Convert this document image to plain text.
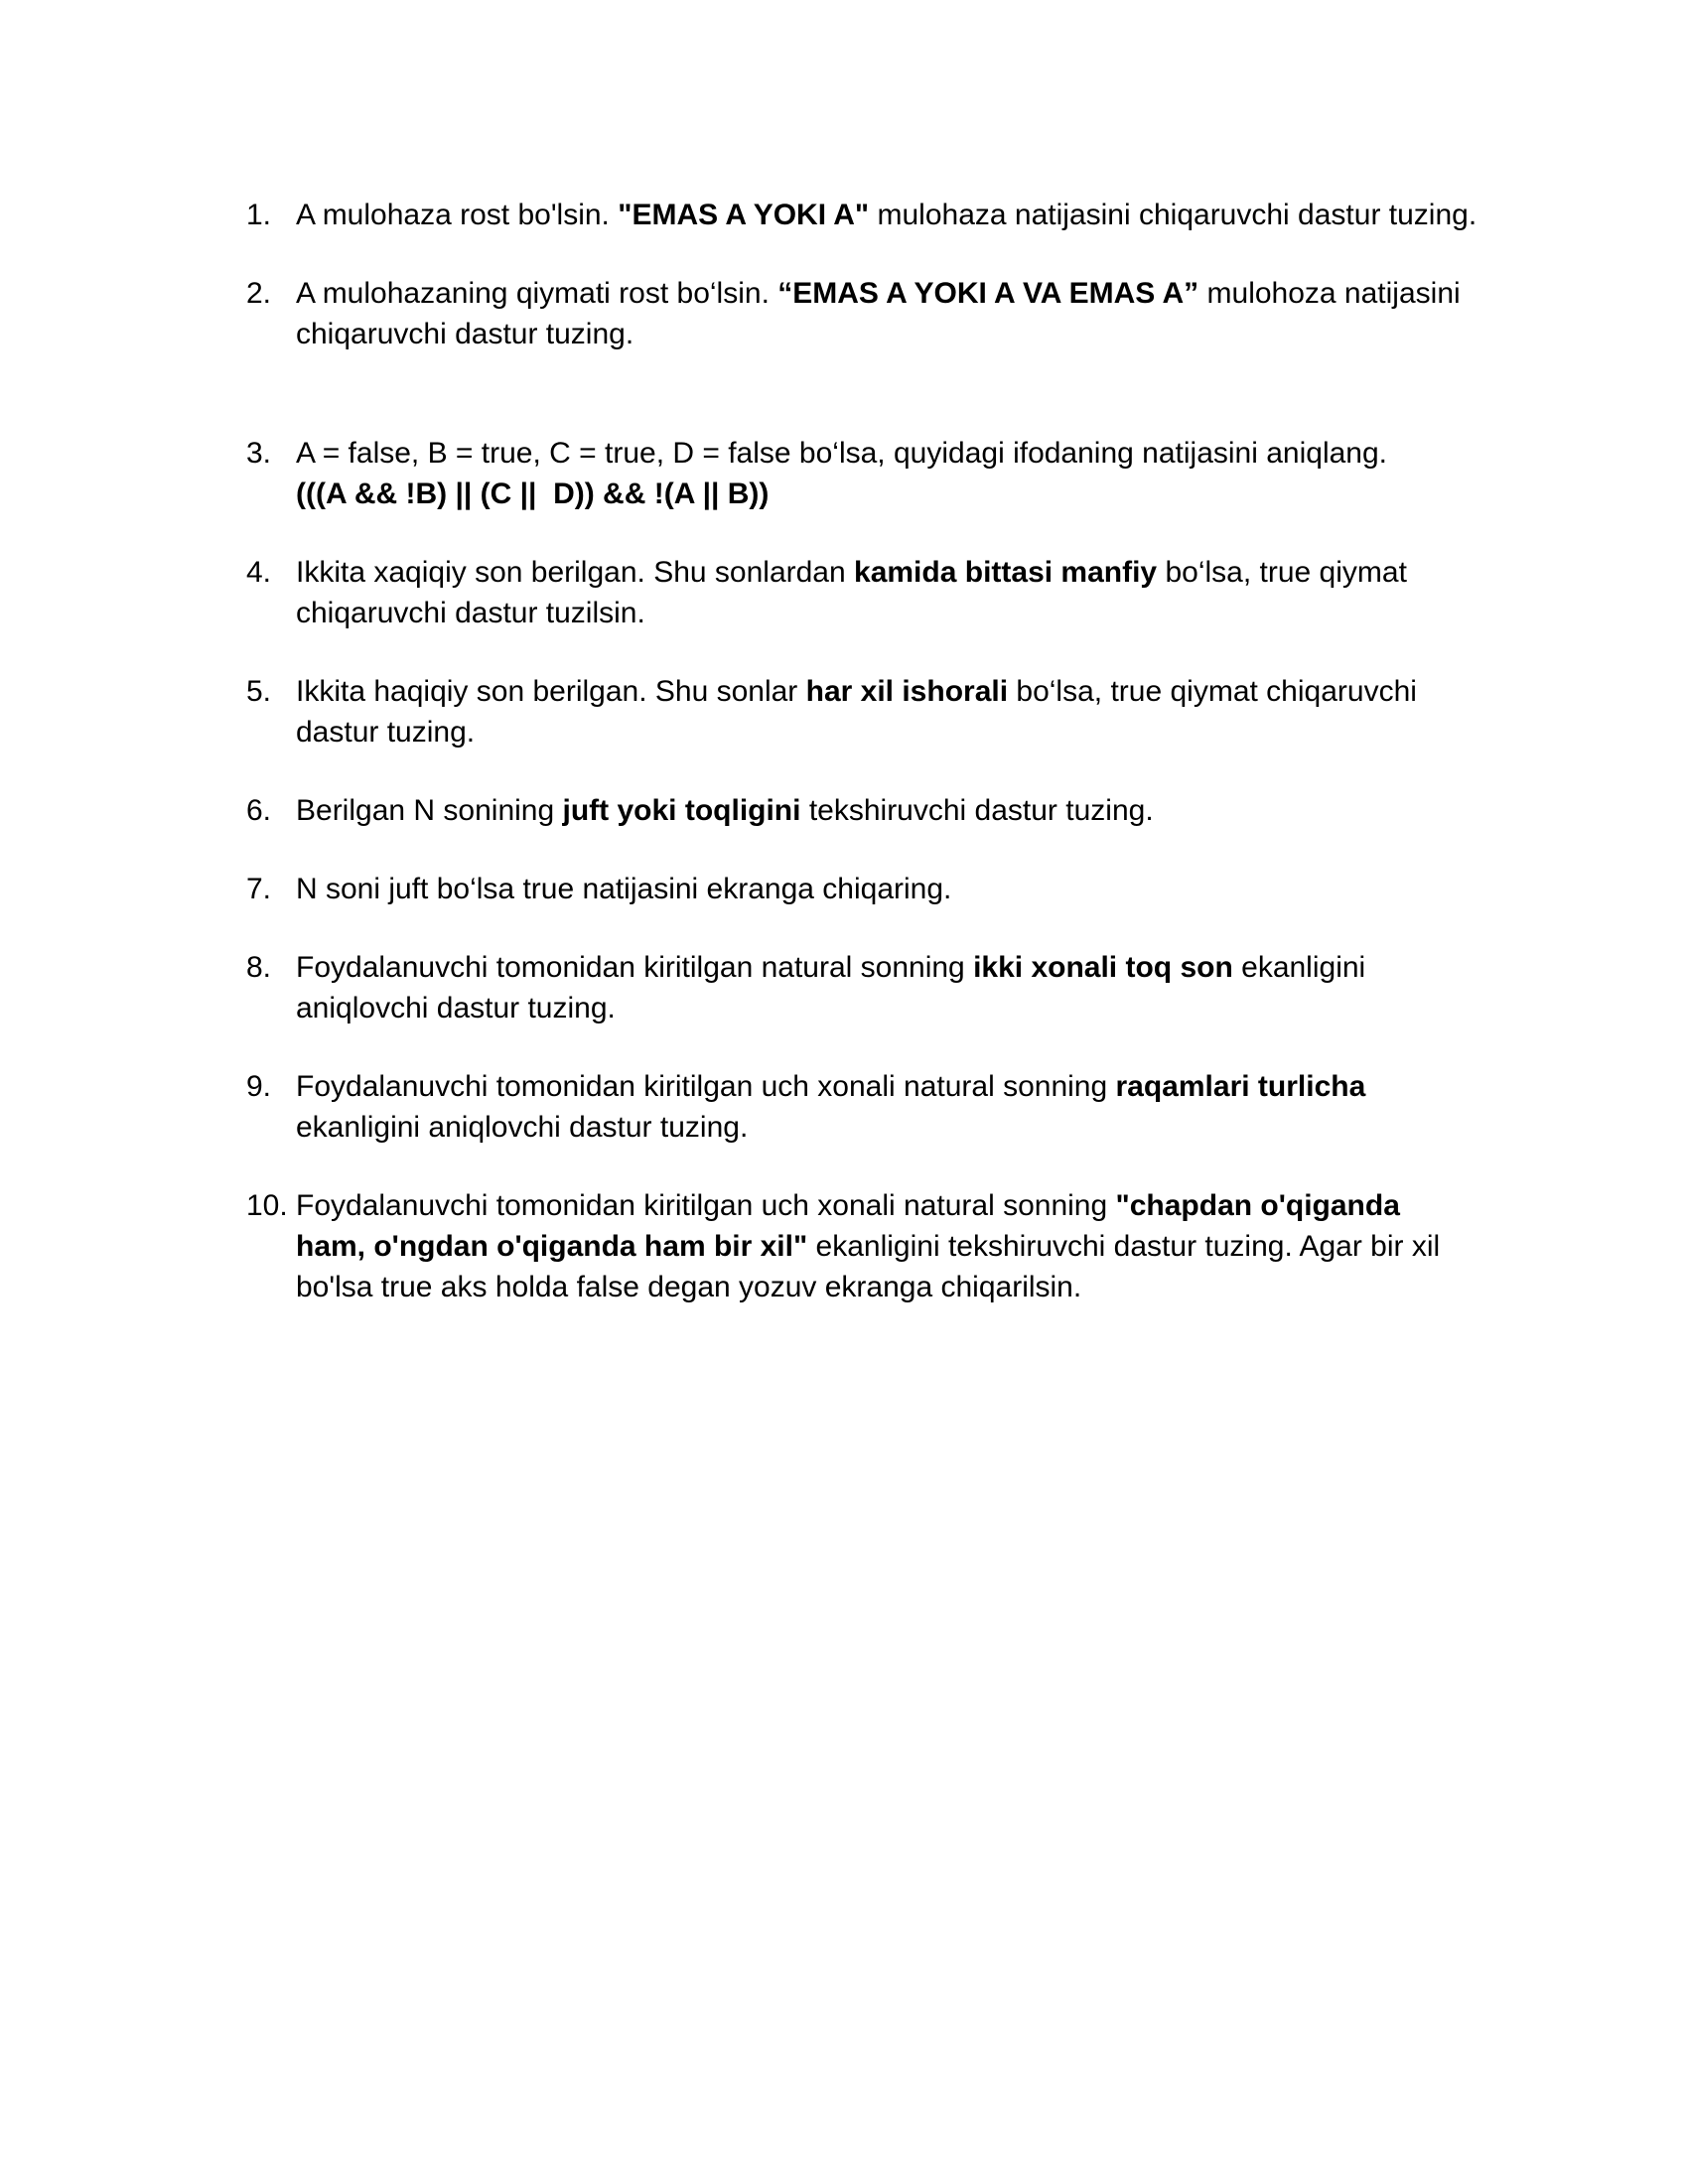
1. A mulohaza rost bo'lsin. "EMAS A YOKI A" mulohaza natijasini chiqaruvchi dastur tuzing.
2. A mulohazaning qiymati rost bo‘lsin. “EMAS A YOKI A VA EMAS A” mulohoza natijasini chiqaruvchi dastur tuzing.
3. A = false, B = true, C = true, D = false bo‘lsa, quyidagi ifodaning natijasini aniqlang.
(((A && !B) || (C ||  D)) && !(A || B))
4. Ikkita xaqiqiy son berilgan. Shu sonlardan kamida bittasi manfiy bo‘lsa, true qiymat chiqaruvchi dastur tuzilsin.
5. Ikkita haqiqiy son berilgan. Shu sonlar har xil ishorali bo‘lsa, true qiymat chiqaruvchi dastur tuzing.
6. Berilgan N sonining juft yoki toqligini tekshiruvchi dastur tuzing.
7. N soni juft bo‘lsa true natijasini ekranga chiqaring.
8. Foydalanuvchi tomonidan kiritilgan natural sonning ikki xonali toq son ekanligini aniqlovchi dastur tuzing.
9. Foydalanuvchi tomonidan kiritilgan uch xonali natural sonning raqamlari turlicha ekanligini aniqlovchi dastur tuzing.
10. Foydalanuvchi tomonidan kiritilgan uch xonali natural sonning "chapdan o'qiganda ham, o'ngdan o'qiganda ham bir xil" ekanligini tekshiruvchi dastur tuzing. Agar bir xil bo'lsa true aks holda false degan yozuv ekranga chiqarilsin.
